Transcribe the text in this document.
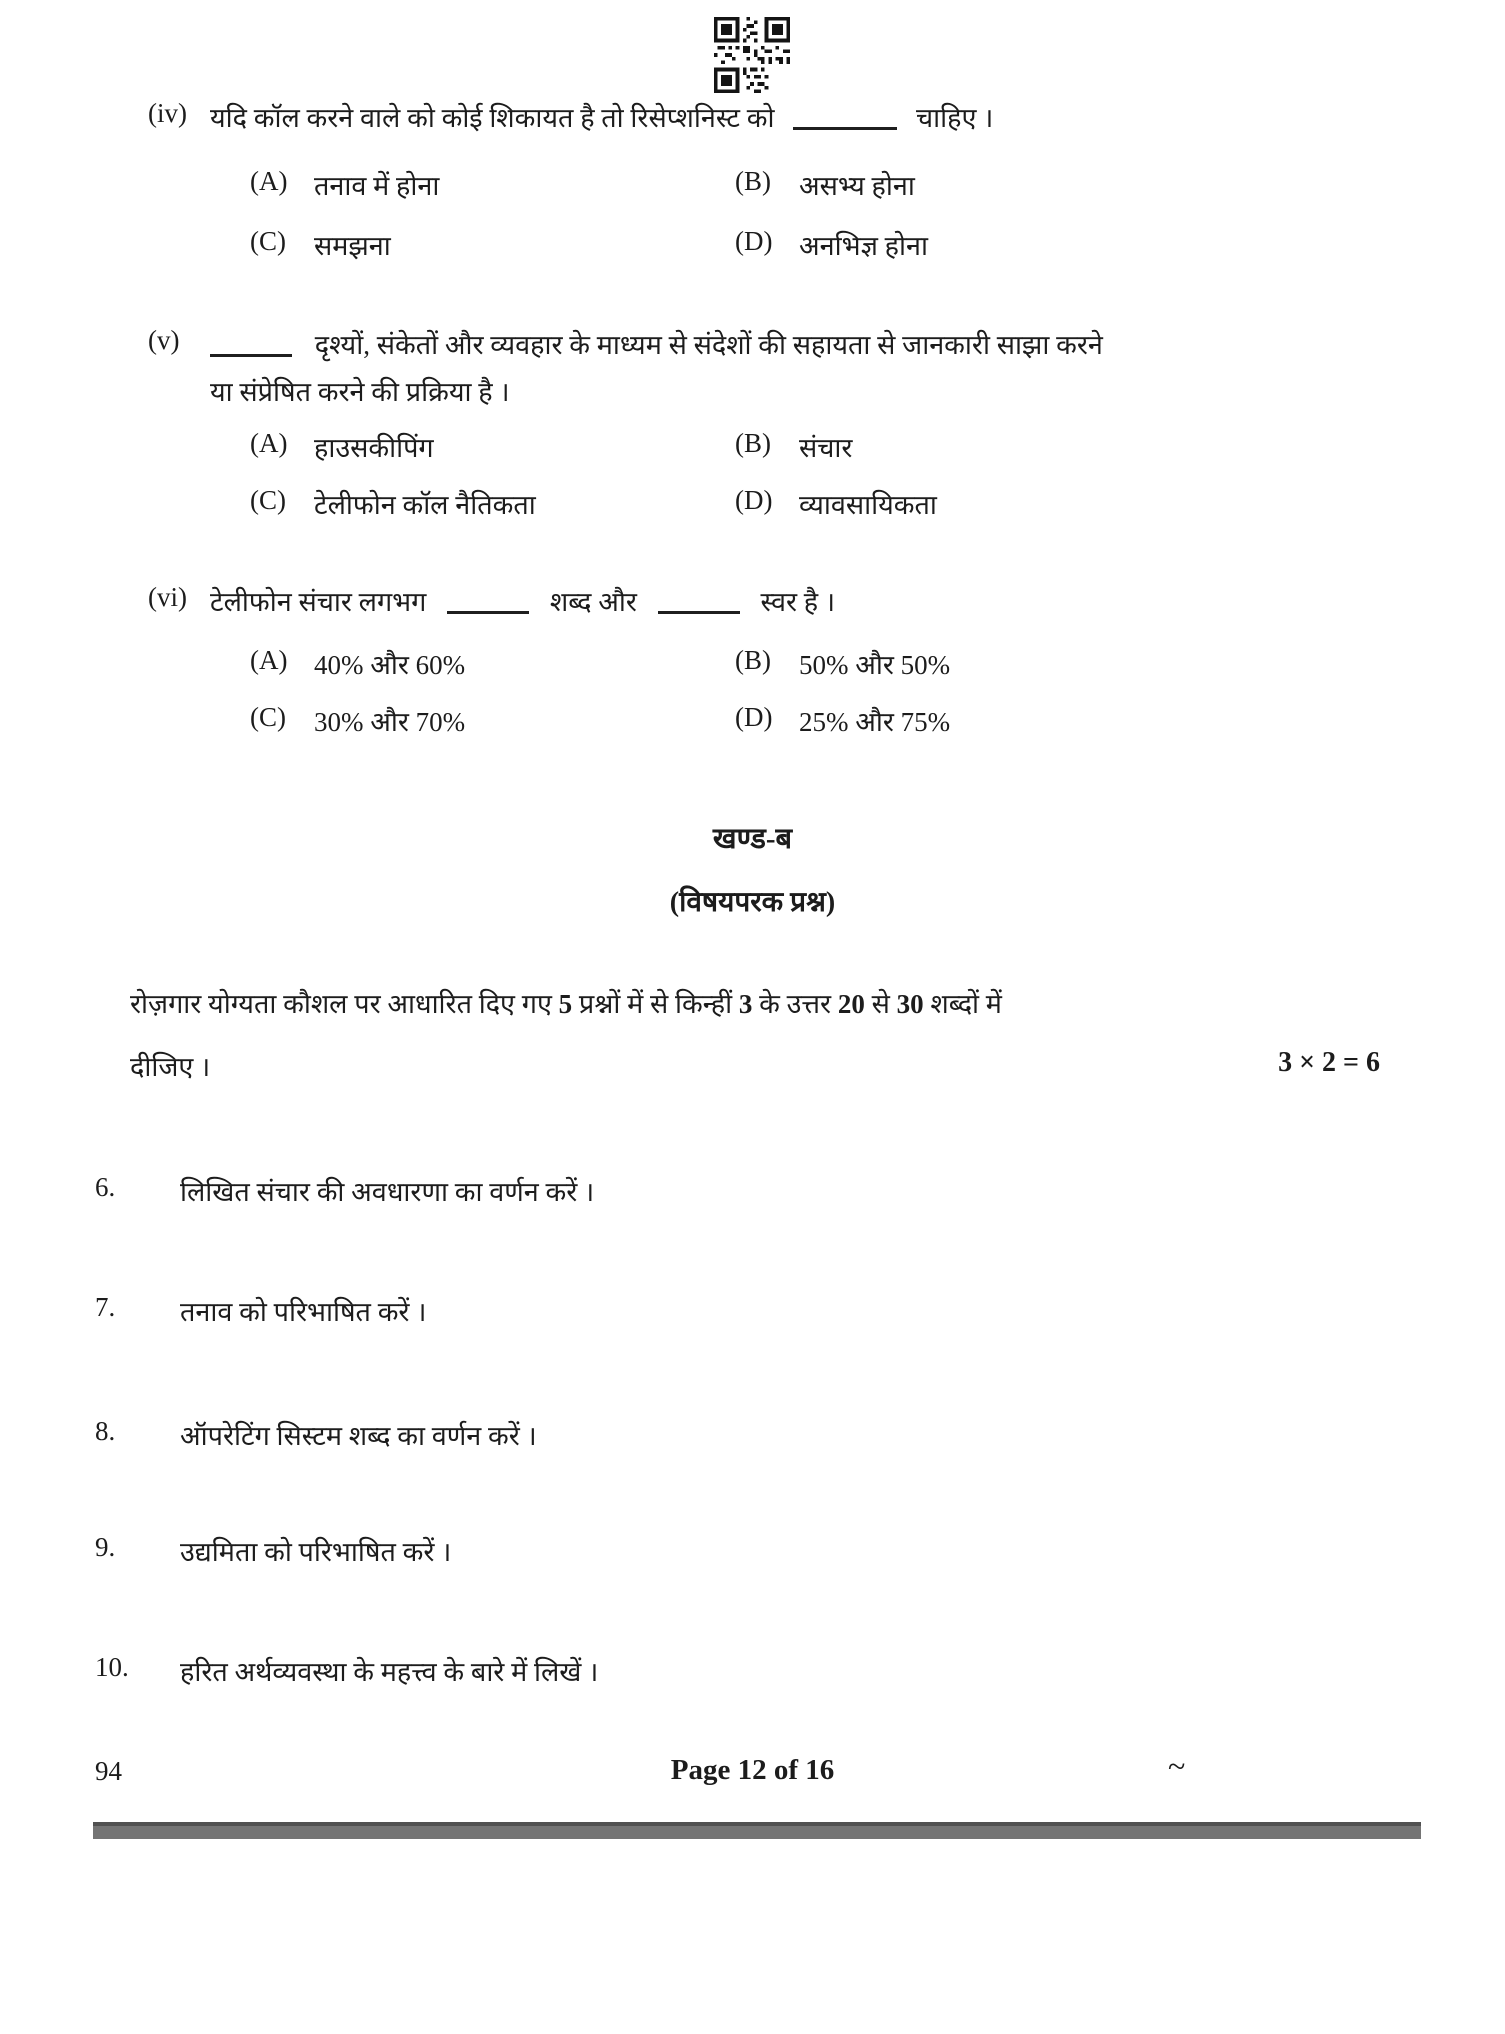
(iv) यदि कॉल करने वाले को कोई शिकायत है तो रिसेप्शनिस्ट को	चाहिए ।
(A) तनाव में होना	(B)	असभ्य होना
(C)	समझना	(D) अनभिज्ञ होना
(v)	दृश्यों, संकेतों और व्यवहार के माध्यम से संदेशों की सहायता से जानकारी साझा करने
या संप्रेषित करने की प्रक्रिया है ।
(A) हाउसकीपिंग	(B)	संचार
(C)	टेलीफोन कॉल नैतिकता	(D) व्यावसायिकता
(vi) टेलीफोन संचार लगभग	शब्द और	स्वर है ।
(A) 40% और 60%	(B)	50% और 50%
(C)	30% और 70%	(D) 25% और 75%
खण्ड-ब
(विषयपरक प्रश्न)
रोज़गार योग्यता कौशल पर आधारित दिए गए 5 प्रश्नों में से किन्हीं 3 के उत्तर 20 से 30 शब्दों में
दीजिए ।	3 × 2 = 6
6.	लिखित संचार की अवधारणा का वर्णन करें ।
7.	तनाव को परिभाषित करें ।
8.	ऑपरेटिंग सिस्टम शब्द का वर्णन करें ।
9.	उद्यमिता को परिभाषित करें ।
10.	हरित अर्थव्यवस्था के महत्त्व के बारे में लिखें ।
94	Page 12 of 16	~
